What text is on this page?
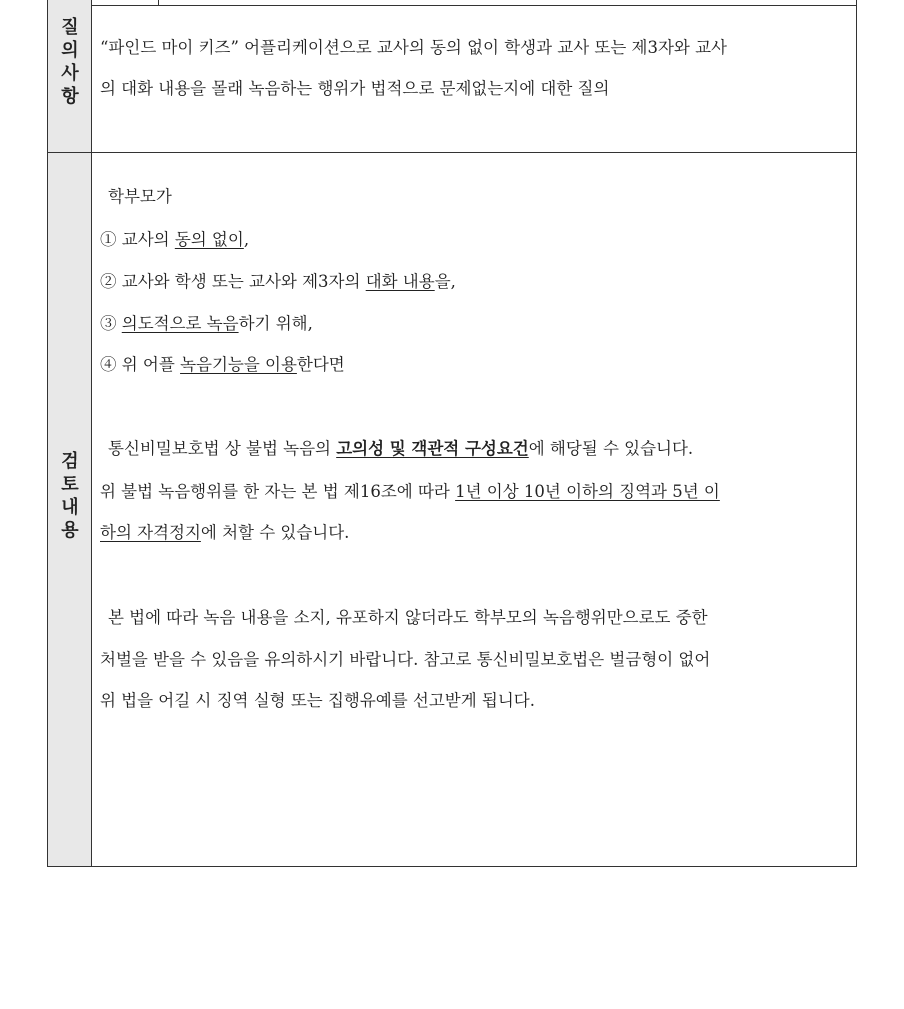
질
의
사
항
“파인드 마이 키즈” 어플리케이션으로 교사의 동의 없이 학생과 교사 또는 제3자와 교사
의 대화 내용을 몰래 녹음하는 행위가 법적으로 문제없는지에 대한 질의
검
토
내
용
학부모가
① 교사의 동의 없이,
② 교사와 학생 또는 교사와 제3자의 대화 내용을,
③ 의도적으로 녹음하기 위해,
④ 위 어플 녹음기능을 이용한다면
통신비밀보호법 상 불법 녹음의 고의성 및 객관적 구성요건에 해당될 수 있습니다.
위 불법 녹음행위를 한 자는 본 법 제16조에 따라 1년 이상 10년 이하의 징역과 5년 이
하의 자격정지에 처할 수 있습니다.
본 법에 따라 녹음 내용을 소지, 유포하지 않더라도 학부모의 녹음행위만으로도 중한
처벌을 받을 수 있음을 유의하시기 바랍니다. 참고로 통신비밀보호법은 벌금형이 없어
위 법을 어길 시 징역 실형 또는 집행유예를 선고받게 됩니다.
